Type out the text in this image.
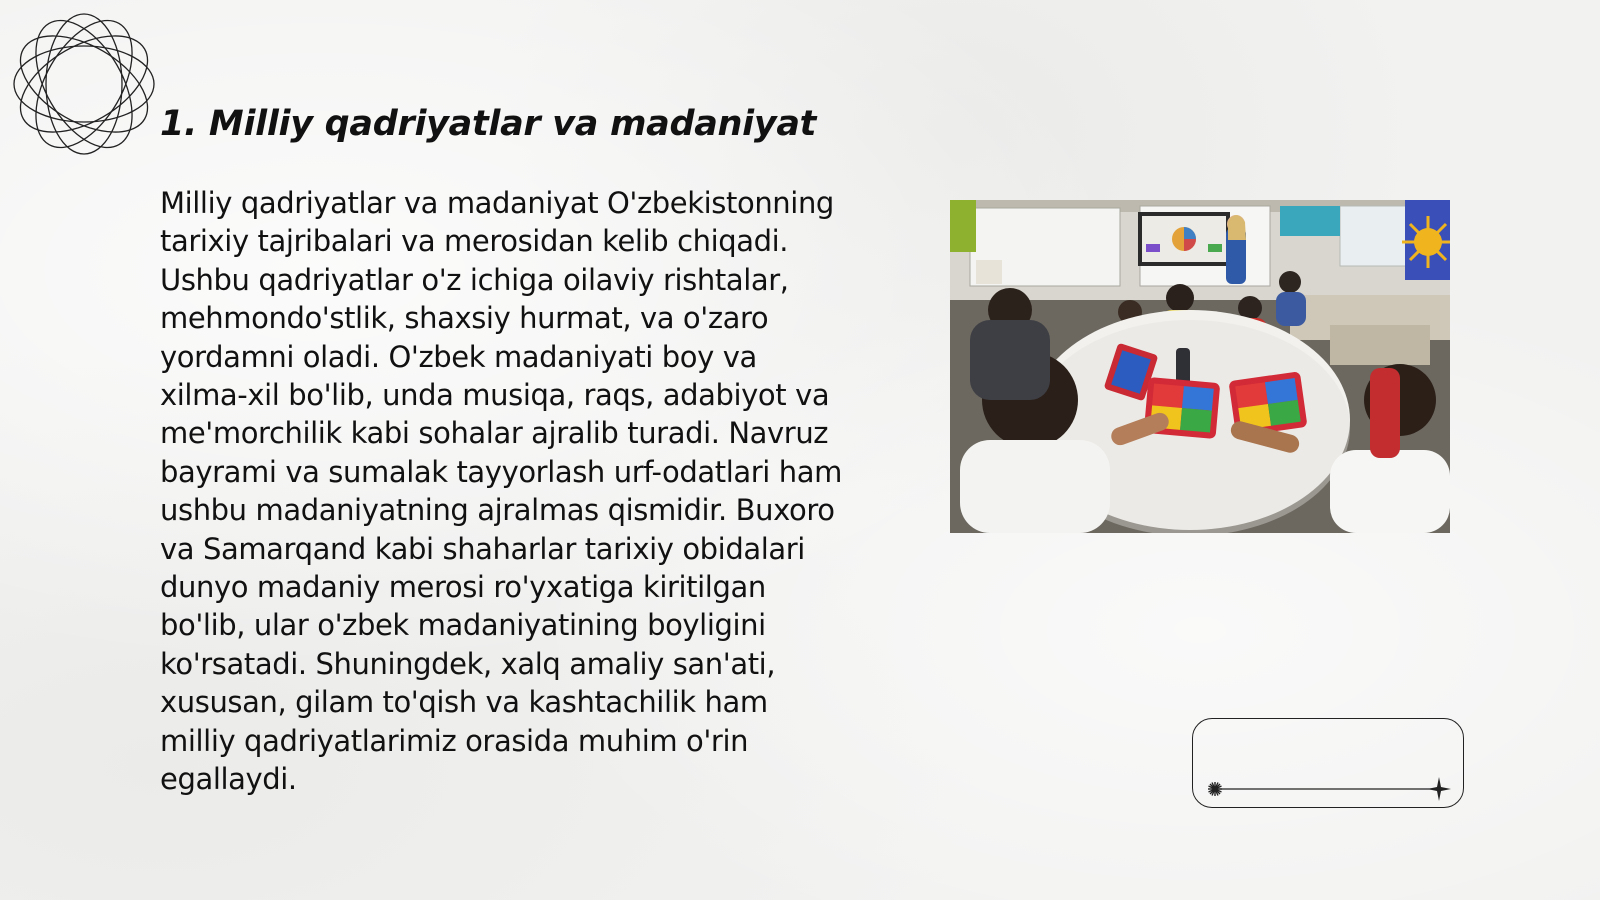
1. Milliy qadriyatlar va madaniyat

Milliy qadriyatlar va madaniyat O'zbekistonning tarixiy tajribalari va merosidan kelib chiqadi. Ushbu qadriyatlar o'z ichiga oilaviy rishtalar, mehmondo'stlik, shaxsiy hurmat, va o'zaro yordamni oladi. O'zbek madaniyati boy va xilma-xil bo'lib, unda musiqa, raqs, adabiyot va me'morchilik kabi sohalar ajralib turadi. Navruz bayrami va sumalak tayyorlash urf-odatlari ham ushbu madaniyatning ajralmas qismidir. Buxoro va Samarqand kabi shaharlar tarixiy obidalari dunyo madaniy merosi ro'yxatiga kiritilgan bo'lib, ular o'zbek madaniyatining boyligini ko'rsatadi. Shuningdek, xalq amaliy san'ati, xususan, gilam to'qish va kashtachilik ham milliy qadriyatlarimiz orasida muhim o'rin egallaydi.
